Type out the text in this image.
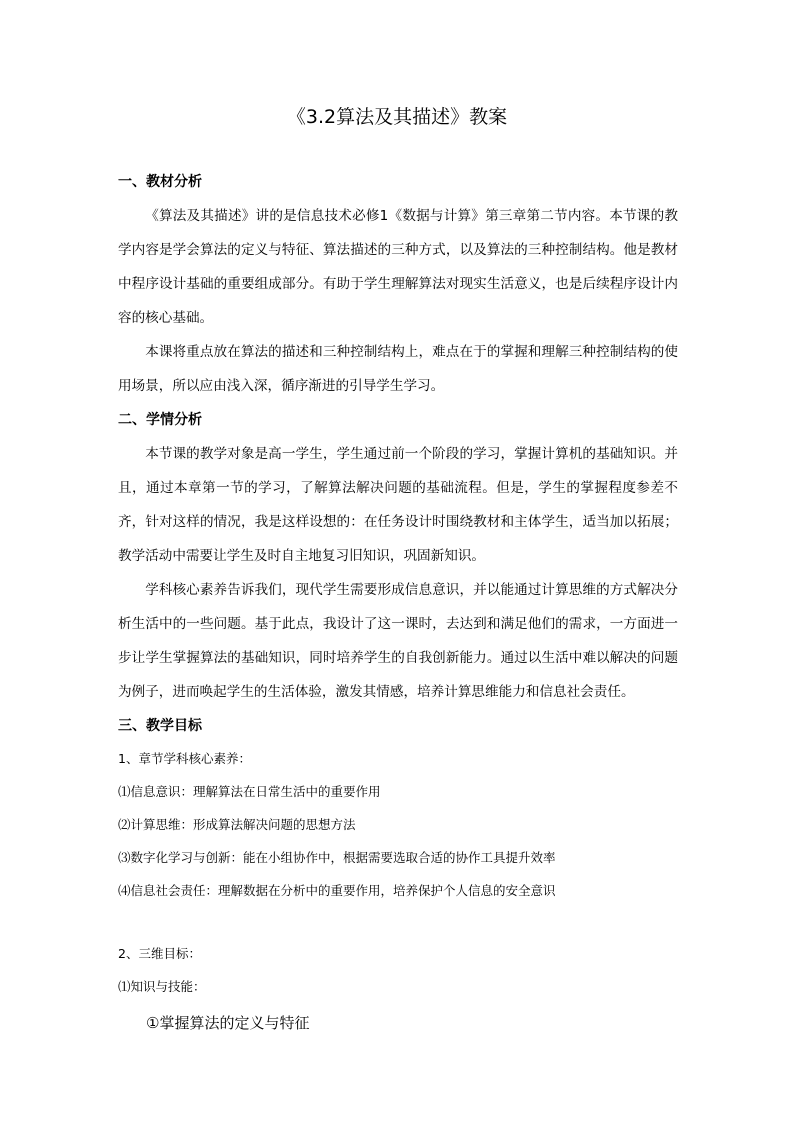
《3.2算法及其描述》教案
一、教材分析
《算法及其描述》讲的是信息技术必修1《数据与计算》第三章第二节内容。本节课的教学内容是学会算法的定义与特征、算法描述的三种方式，以及算法的三种控制结构。他是教材中程序设计基础的重要组成部分。有助于学生理解算法对现实生活意义，也是后续程序设计内容的核心基础。
本课将重点放在算法的描述和三种控制结构上，难点在于的掌握和理解三种控制结构的使用场景，所以应由浅入深，循序渐进的引导学生学习。
二、学情分析
本节课的教学对象是高一学生，学生通过前一个阶段的学习，掌握计算机的基础知识。并且，通过本章第一节的学习，了解算法解决问题的基础流程。但是，学生的掌握程度参差不齐，针对这样的情况，我是这样设想的：在任务设计时围绕教材和主体学生，适当加以拓展；教学活动中需要让学生及时自主地复习旧知识，巩固新知识。
学科核心素养告诉我们，现代学生需要形成信息意识，并以能通过计算思维的方式解决分析生活中的一些问题。基于此点，我设计了这一课时，去达到和满足他们的需求，一方面进一步让学生掌握算法的基础知识，同时培养学生的自我创新能力。通过以生活中难以解决的问题为例子，进而唤起学生的生活体验，激发其情感，培养计算思维能力和信息社会责任。
三、教学目标
1、章节学科核心素养：
⑴信息意识：理解算法在日常生活中的重要作用
⑵计算思维：形成算法解决问题的思想方法
⑶数字化学习与创新：能在小组协作中，根据需要选取合适的协作工具提升效率
⑷信息社会责任：理解数据在分析中的重要作用，培养保护个人信息的安全意识
2、三维目标：
⑴知识与技能：
①掌握算法的定义与特征
